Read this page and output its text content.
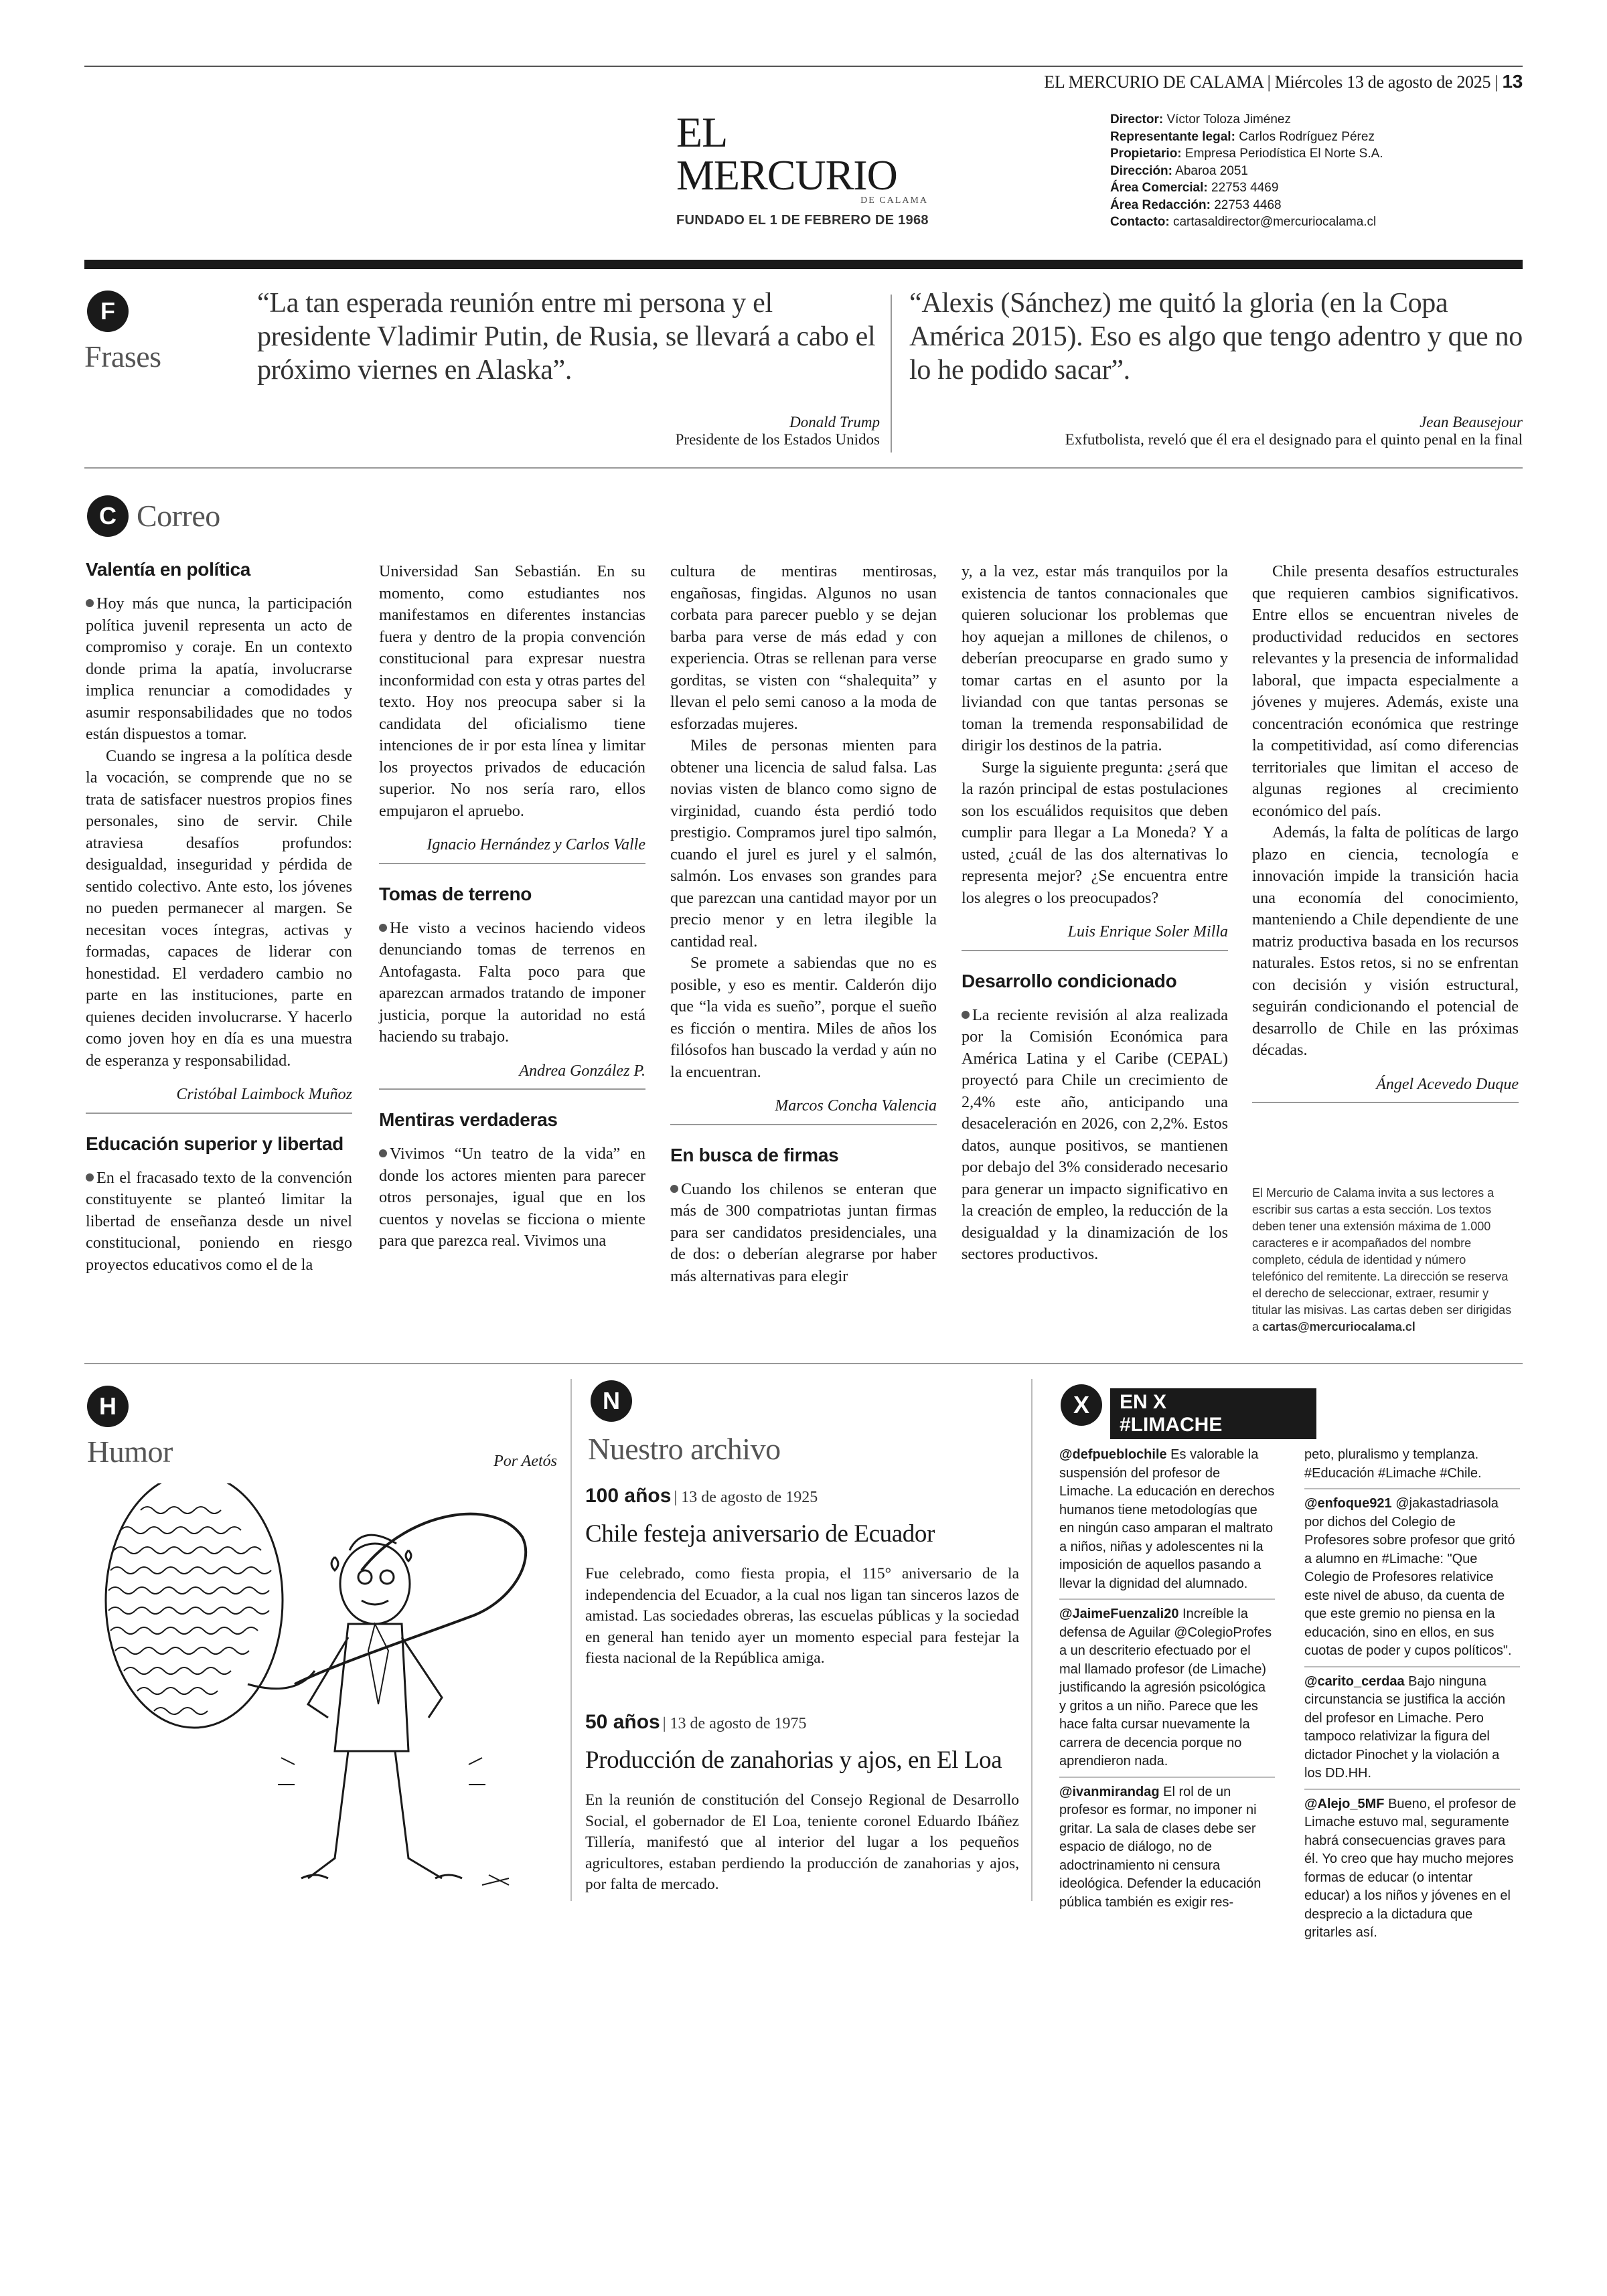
EL MERCURIO DE CALAMA | Miércoles 13 de agosto de 2025 | 13
EL MERCURIO
DE CALAMA
FUNDADO EL 1 DE FEBRERO DE 1968
Director: Víctor Toloza Jiménez
Representante legal: Carlos Rodríguez Pérez
Propietario: Empresa Periodística El Norte S.A.
Dirección: Abaroa 2051
Área Comercial: 22753 4469
Área Redacción: 22753 4468
Contacto: cartasaldirector@mercuriocalama.cl
F
Frases
“La tan esperada reunión entre mi persona y el presidente Vladimir Putin, de Rusia, se llevará a cabo el próximo viernes en Alaska”.
Donald Trump
Presidente de los Estados Unidos
“Alexis (Sánchez) me quitó la gloria (en la Copa América 2015). Eso es algo que tengo adentro y que no lo he podido sacar”.
Jean Beausejour
Exfutbolista, reveló que él era el designado para el quinto penal en la final
C Correo
Valentía en política

Hoy más que nunca, la participación política juvenil representa un acto de compromiso y coraje. En un contexto donde prima la apatía, involucrarse implica renunciar a comodidades y asumir responsabilidades que no todos están dispuestos a tomar.

Cuando se ingresa a la política desde la vocación, se comprende que no se trata de satisfacer nuestros propios fines personales, sino de servir. Chile atraviesa desafíos profundos: desigualdad, inseguridad y pérdida de sentido colectivo. Ante esto, los jóvenes no pueden permanecer al margen. Se necesitan voces íntegras, activas y formadas, capaces de liderar con honestidad. El verdadero cambio no parte en las instituciones, parte en quienes deciden involucrarse. Y hacerlo como joven hoy en día es una muestra de esperanza y responsabilidad.

Cristóbal Laimbock Muñoz
Educación superior y libertad

En el fracasado texto de la convención constituyente se planteó limitar la libertad de enseñanza desde un nivel constitucional, poniendo en riesgo proyectos educativos como el de la

Universidad San Sebastián. En su momento, como estudiantes nos manifestamos en diferentes instancias fuera y dentro de la propia convención constitucional para expresar nuestra inconformidad con esta y otras partes del texto. Hoy nos preocupa saber si la candidata del oficialismo tiene intenciones de ir por esta línea y limitar los proyectos privados de educación superior. No nos sería raro, ellos empujaron el apruebo.

Ignacio Hernández y Carlos Valle
Tomas de terreno

He visto a vecinos haciendo videos denunciando tomas de terrenos en Antofagasta. Falta poco para que aparezcan armados tratando de imponer justicia, porque la autoridad no está haciendo su trabajo.

Andrea González P.
Mentiras verdaderas

Vivimos “Un teatro de la vida” en donde los actores mienten para parecer otros personajes, igual que en los cuentos y novelas se ficciona o miente para que parezca real. Vivimos una

cultura de mentiras mentirosas, engañosas, fingidas. Algunos no usan corbata para parecer pueblo y se dejan barba para verse de más edad y con experiencia. Otras se rellenan para verse gorditas, se visten con “shalequita” y llevan el pelo semi canoso a la moda de esforzadas mujeres.

Miles de personas mienten para obtener una licencia de salud falsa. Las novias visten de blanco como signo de virginidad, cuando ésta perdió todo prestigio. Compramos jurel tipo salmón, cuando el jurel es jurel y el salmón, salmón. Los envases son grandes para que parezcan una cantidad mayor por un precio menor y en letra ilegible la cantidad real.

Se promete a sabiendas que no es posible, y eso es mentir. Calderón dijo que “la vida es sueño”, porque el sueño es ficción o mentira. Miles de años los filósofos han buscado la verdad y aún no la encuentran.

Marcos Concha Valencia
En busca de firmas

Cuando los chilenos se enteran que más de 300 compatriotas juntan firmas para ser candidatos presidenciales, una de dos: o deberían alegrarse por haber más alternativas para elegir

y, a la vez, estar más tranquilos por la existencia de tantos connacionales que quieren solucionar los problemas que hoy aquejan a millones de chilenos, o deberían preocuparse en grado sumo y tomar cartas en el asunto por la liviandad con que tantas personas se toman la tremenda responsabilidad de dirigir los destinos de la patria.

Surge la siguiente pregunta: ¿será que la razón principal de estas postulaciones son los escuálidos requisitos que deben cumplir para llegar a La Moneda? Y a usted, ¿cuál de las dos alternativas lo representa mejor? ¿Se encuentra entre los alegres o los preocupados?

Luis Enrique Soler Milla
Desarrollo condicionado

La reciente revisión al alza realizada por la Comisión Económica para América Latina y el Caribe (CEPAL) proyectó para Chile un crecimiento de 2,4% este año, anticipando una desaceleración en 2026, con 2,2%. Estos datos, aunque positivos, se mantienen por debajo del 3% considerado necesario para generar un impacto significativo en la creación de empleo, la reducción de la desigualdad y la dinamización de los sectores productivos.

Chile presenta desafíos estructurales que requieren cambios significativos. Entre ellos se encuentran niveles de productividad reducidos en sectores relevantes y la presencia de informalidad laboral, que impacta especialmente a jóvenes y mujeres. Además, existe una concentración económica que restringe la competitividad, así como diferencias territoriales que limitan el acceso de algunas regiones al crecimiento económico del país.

Además, la falta de políticas de largo plazo en ciencia, tecnología e innovación impide la transición hacia una economía del conocimiento, manteniendo a Chile dependiente de une matriz productiva basada en los recursos naturales. Estos retos, si no se enfrentan con decisión y visión estructural, seguirán condicionando el potencial de desarrollo de Chile en las próximas décadas.

Ángel Acevedo Duque
El Mercurio de Calama invita a sus lectores a escribir sus cartas a esta sección. Los textos deben tener una extensión máxima de 1.000 caracteres e ir acompañados del nombre completo, cédula de identidad y número telefónico del remitente. La dirección se reserva el derecho de seleccionar, extraer, resumir y titular las misivas. Las cartas deben ser dirigidas a cartas@mercuriocalama.cl
H
Humor	Por Aetós
N
Nuestro archivo
100 años | 13 de agosto de 1925
Chile festeja aniversario de Ecuador
Fue celebrado, como fiesta propia, el 115° aniversario de la independencia del Ecuador, a la cual nos ligan tan sinceros lazos de amistad. Las sociedades obreras, las escuelas públicas y la sociedad en general han tenido ayer un momento especial para festejar la fiesta nacional de la República amiga.
50 años | 13 de agosto de 1975
Producción de zanahorias y ajos, en El Loa
En la reunión de constitución del Consejo Regional de Desarrollo Social, el gobernador de El Loa, teniente coronel Eduardo Ibáñez Tillería, manifestó que al interior del lugar a los pequeños agricultores, estaban perdiendo la producción de zanahorias y ajos, por falta de mercado.
X	EN X
#LIMACHE
@defpueblochile Es valorable la suspensión del profesor de Limache. La educación en derechos humanos tiene metodologías que en ningún caso amparan el maltrato a niños, niñas y adolescentes ni la imposición de aquellos pasando a llevar la dignidad del alumnado.
@JaimeFuenzali20 Increíble la defensa de Aguilar @ColegioProfes a un descriterio efectuado por el mal llamado profesor (de Limache) justificando la agresión psicológica y gritos a un niño. Parece que les hace falta cursar nuevamente la carrera de decencia porque no aprendieron nada.
@ivanmirandag El rol de un profesor es formar, no imponer ni gritar. La sala de clases debe ser espacio de diálogo, no de adoctrinamiento ni censura ideológica. Defender la educación pública también es exigir res-
peto, pluralismo y templanza. #Educación #Limache #Chile.
@enfoque921 @jakastadriasola por dichos del Colegio de Profesores sobre profesor que gritó a alumno en #Limache: "Que Colegio de Profesores relativice este nivel de abuso, da cuenta de que este gremio no piensa en la educación, sino en ellos, en sus cuotas de poder y cupos políticos".
@carito_cerdaa Bajo ninguna circunstancia se justifica la acción del profesor en Limache. Pero tampoco relativizar la figura del dictador Pinochet y la violación a los DD.HH.
@Alejo_5MF Bueno, el profesor de Limache estuvo mal, seguramente habrá consecuencias graves para él. Yo creo que hay mucho mejores formas de educar (o intentar educar) a los niños y jóvenes en el desprecio a la dictadura que gritarles así.
